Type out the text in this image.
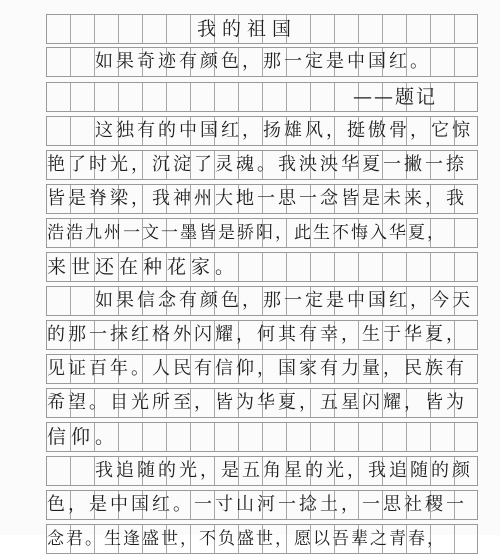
我的祖国
如果奇迹有颜色，那一定是中国红。
——题记
这独有的中国红，扬雄风，挺傲骨，它惊
艳了时光，沉淀了灵魂。我泱泱华夏一撇一捺
皆是脊梁，我神州大地一思一念皆是未来，我
浩浩九州一文一墨皆是骄阳，此生不悔入华夏，
来世还在种花家。
如果信念有颜色，那一定是中国红，今天
的那一抹红格外闪耀，何其有幸，生于华夏，
见证百年。人民有信仰，国家有力量，民族有
希望。目光所至，皆为华夏，五星闪耀，皆为
信仰。
我追随的光，是五角星的光，我追随的颜
色，是中国红。一寸山河一捻土，一思社稷一
念君。生逢盛世，不负盛世，愿以吾辈之青春，
